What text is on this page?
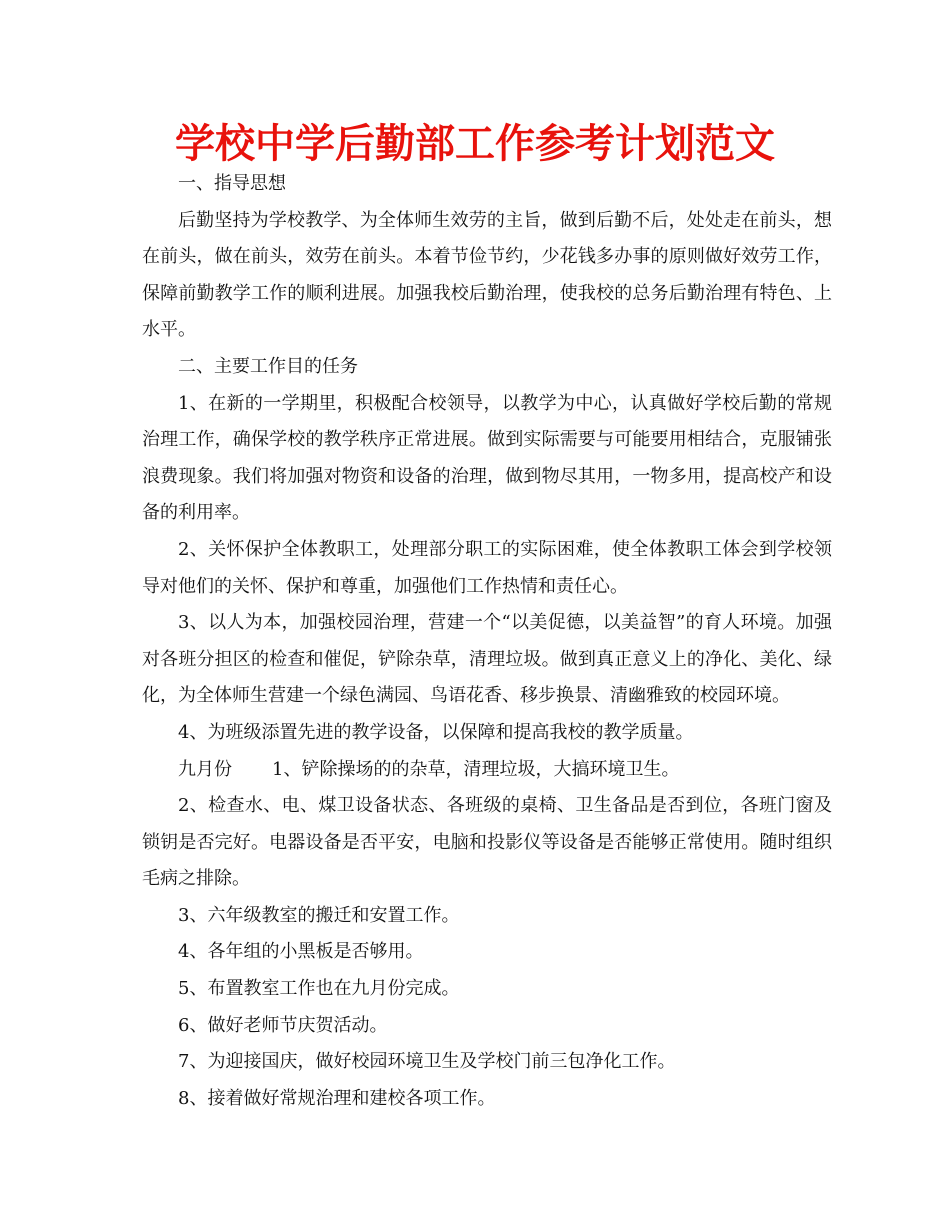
学校中学后勤部工作参考计划范文

一、指导思想

后勤坚持为学校教学、为全体师生效劳的主旨，做到后勤不后，处处走在前头，想在前头，做在前头，效劳在前头。本着节俭节约，少花钱多办事的原则做好效劳工作，保障前勤教学工作的顺利进展。加强我校后勤治理，使我校的总务后勤治理有特色、上水平。

二、主要工作目的任务

1、在新的一学期里，积极配合校领导，以教学为中心，认真做好学校后勤的常规治理工作，确保学校的教学秩序正常进展。做到实际需要与可能要用相结合，克服铺张浪费现象。我们将加强对物资和设备的治理，做到物尽其用，一物多用，提高校产和设备的利用率。

2、关怀保护全体教职工，处理部分职工的实际困难，使全体教职工体会到学校领导对他们的关怀、保护和尊重，加强他们工作热情和责任心。

3、以人为本，加强校园治理，营建一个“以美促德，以美益智”的育人环境。加强对各班分担区的检查和催促，铲除杂草，清理垃圾。做到真正意义上的净化、美化、绿化，为全体师生营建一个绿色满园、鸟语花香、移步换景、清幽雅致的校园环境。

4、为班级添置先进的教学设备，以保障和提高我校的教学质量。

九月份 1、铲除操场的的杂草，清理垃圾，大搞环境卫生。

2、检查水、电、煤卫设备状态、各班级的桌椅、卫生备品是否到位，各班门窗及锁钥是否完好。电器设备是否平安，电脑和投影仪等设备是否能够正常使用。随时组织毛病之排除。

3、六年级教室的搬迁和安置工作。

4、各年组的小黑板是否够用。

5、布置教室工作也在九月份完成。

6、做好老师节庆贺活动。

7、为迎接国庆，做好校园环境卫生及学校门前三包净化工作。

8、接着做好常规治理和建校各项工作。
